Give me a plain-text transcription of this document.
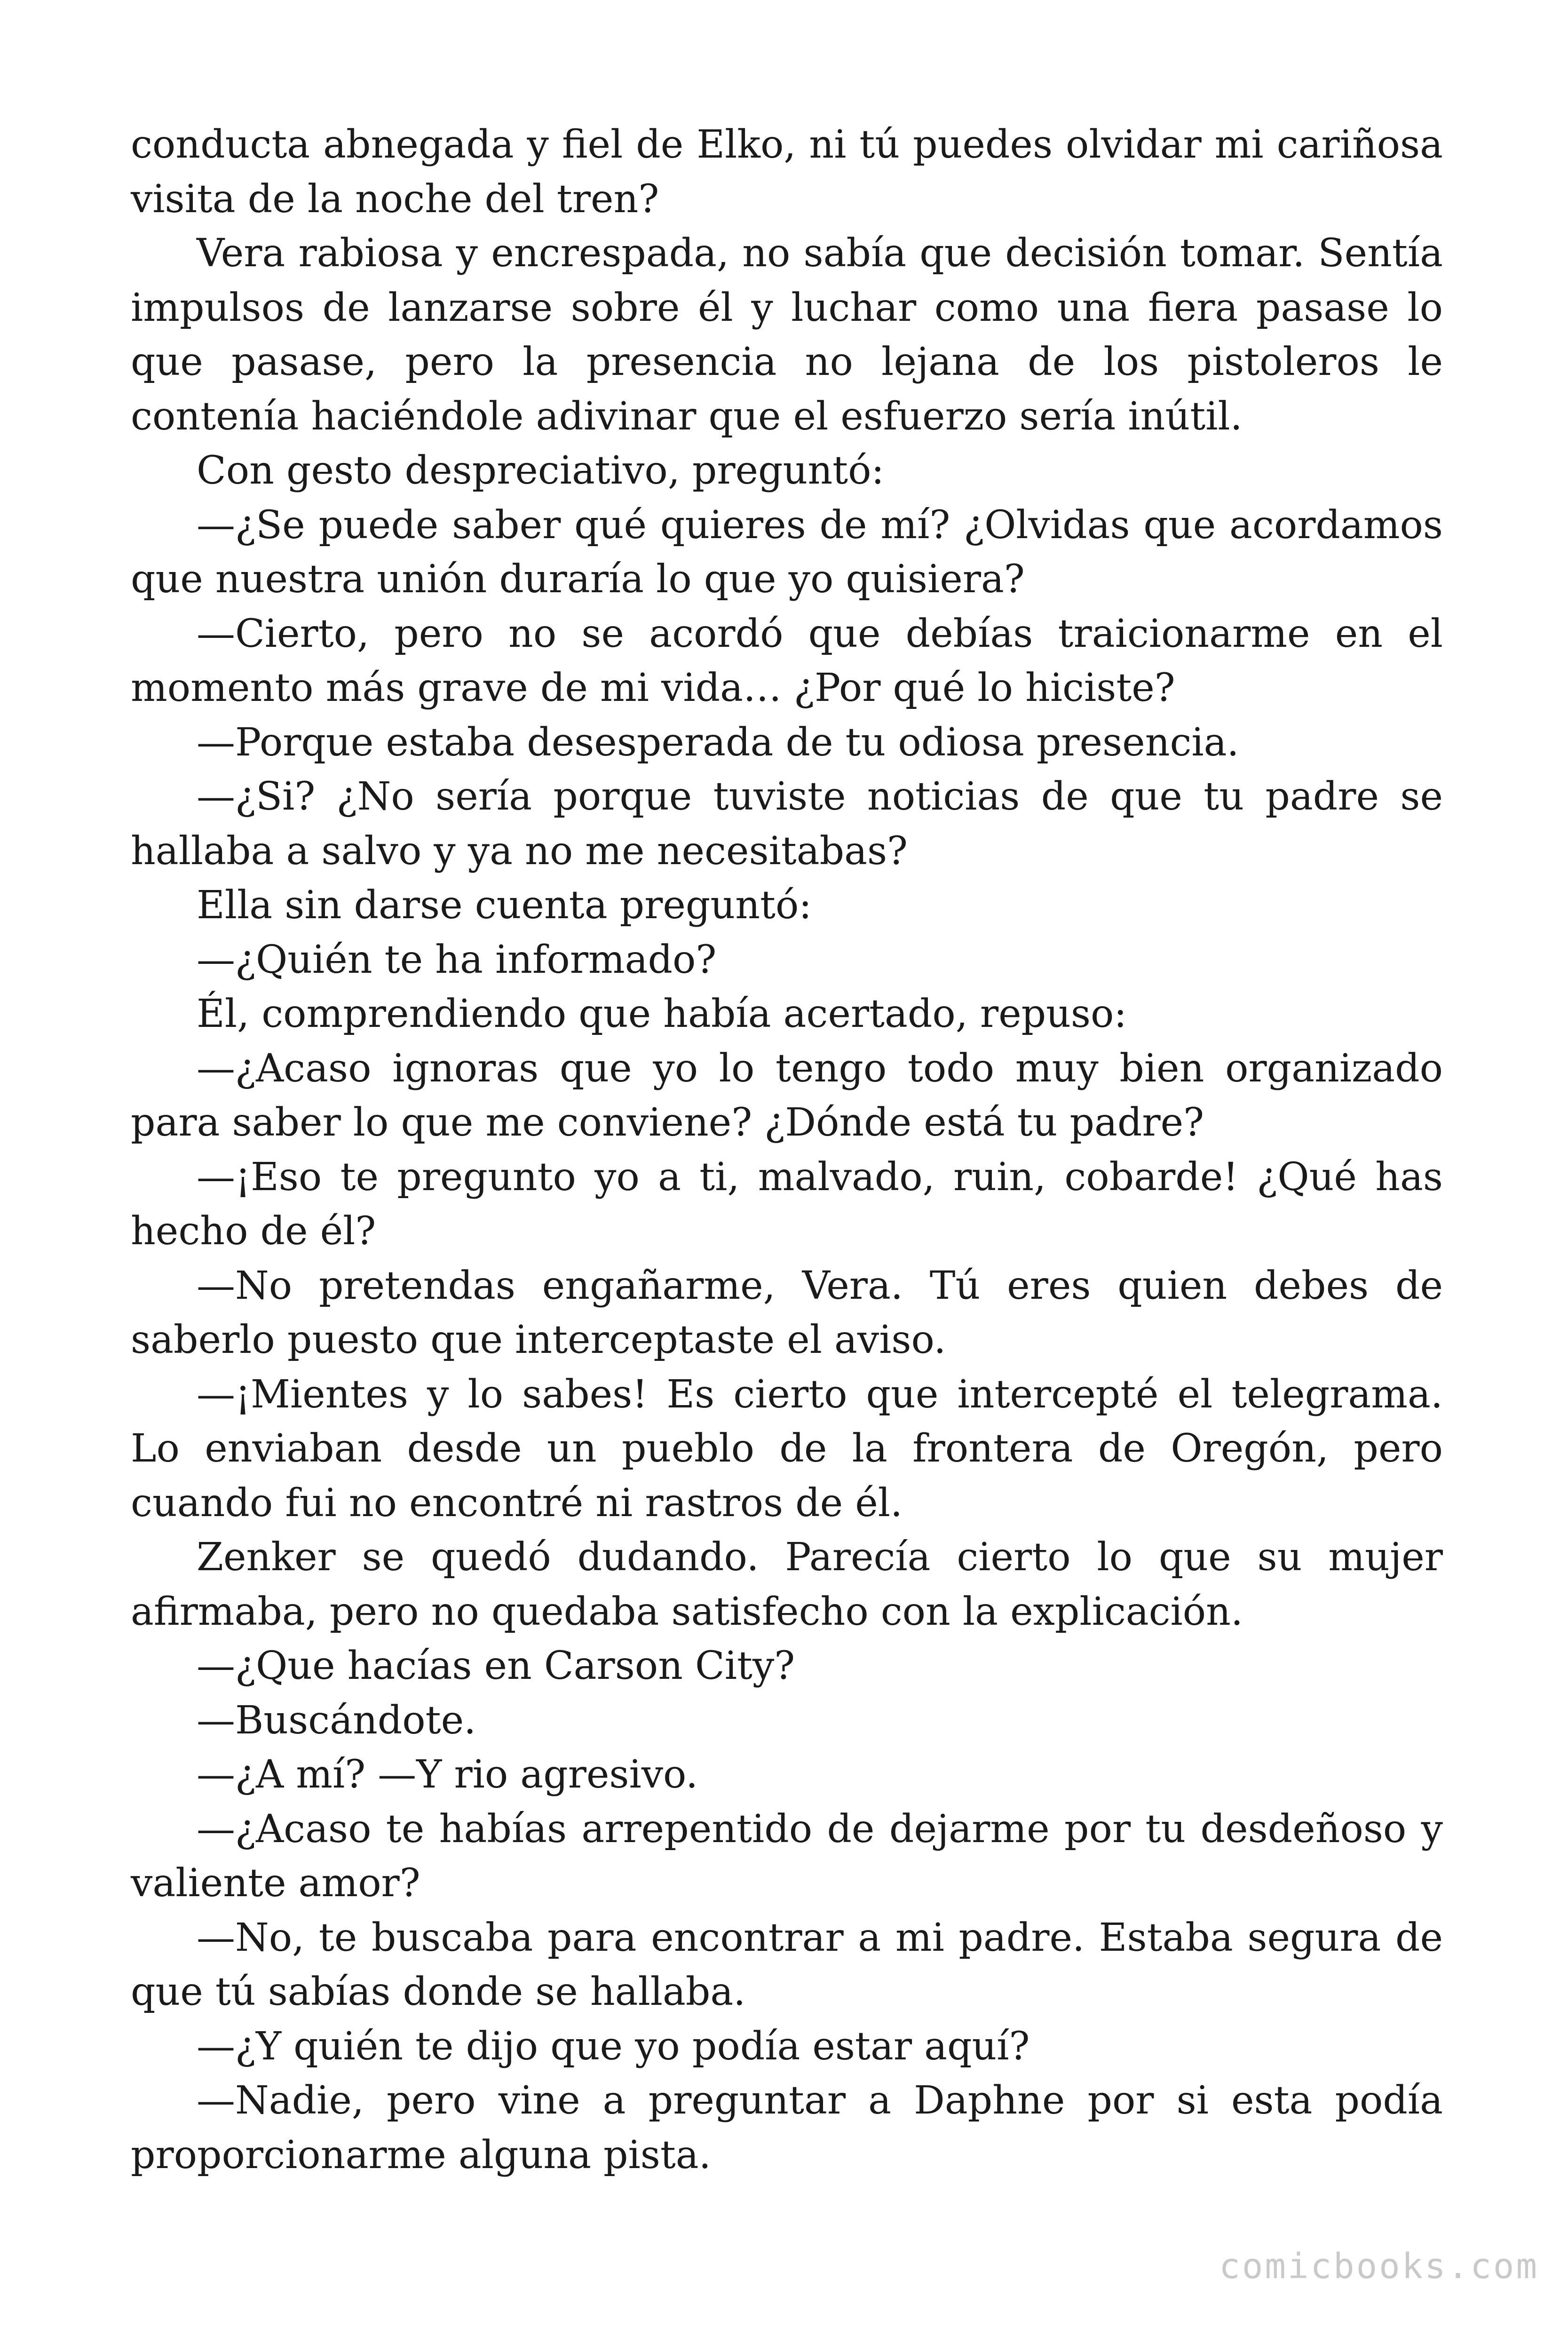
conducta abnegada y fiel de Elko, ni tú puedes olvidar mi cariñosa visita de la noche del tren?

Vera rabiosa y encrespada, no sabía que decisión tomar. Sentía impulsos de lanzarse sobre él y luchar como una fiera pasase lo que pasase, pero la presencia no lejana de los pistoleros le contenía haciéndole adivinar que el esfuerzo sería inútil.

Con gesto despreciativo, preguntó:

—¿Se puede saber qué quieres de mí? ¿Olvidas que acordamos que nuestra unión duraría lo que yo quisiera?

—Cierto, pero no se acordó que debías traicionarme en el momento más grave de mi vida… ¿Por qué lo hiciste?

—Porque estaba desesperada de tu odiosa presencia.

—¿Si? ¿No sería porque tuviste noticias de que tu padre se hallaba a salvo y ya no me necesitabas?

Ella sin darse cuenta preguntó:

—¿Quién te ha informado?

Él, comprendiendo que había acertado, repuso:

—¿Acaso ignoras que yo lo tengo todo muy bien organizado para saber lo que me conviene? ¿Dónde está tu padre?

—¡Eso te pregunto yo a ti, malvado, ruin, cobarde! ¿Qué has hecho de él?

—No pretendas engañarme, Vera. Tú eres quien debes de saberlo puesto que interceptaste el aviso.

—¡Mientes y lo sabes! Es cierto que intercepté el telegrama. Lo enviaban desde un pueblo de la frontera de Oregón, pero cuando fui no encontré ni rastros de él.

Zenker se quedó dudando. Parecía cierto lo que su mujer afirmaba, pero no quedaba satisfecho con la explicación.

—¿Que hacías en Carson City?

—Buscándote.

—¿A mí? —Y rio agresivo.

—¿Acaso te habías arrepentido de dejarme por tu desdeñoso y valiente amor?

—No, te buscaba para encontrar a mi padre. Estaba segura de que tú sabías donde se hallaba.

—¿Y quién te dijo que yo podía estar aquí?

—Nadie, pero vine a preguntar a Daphne por si esta podía proporcionarme alguna pista.

comicbooks.com
